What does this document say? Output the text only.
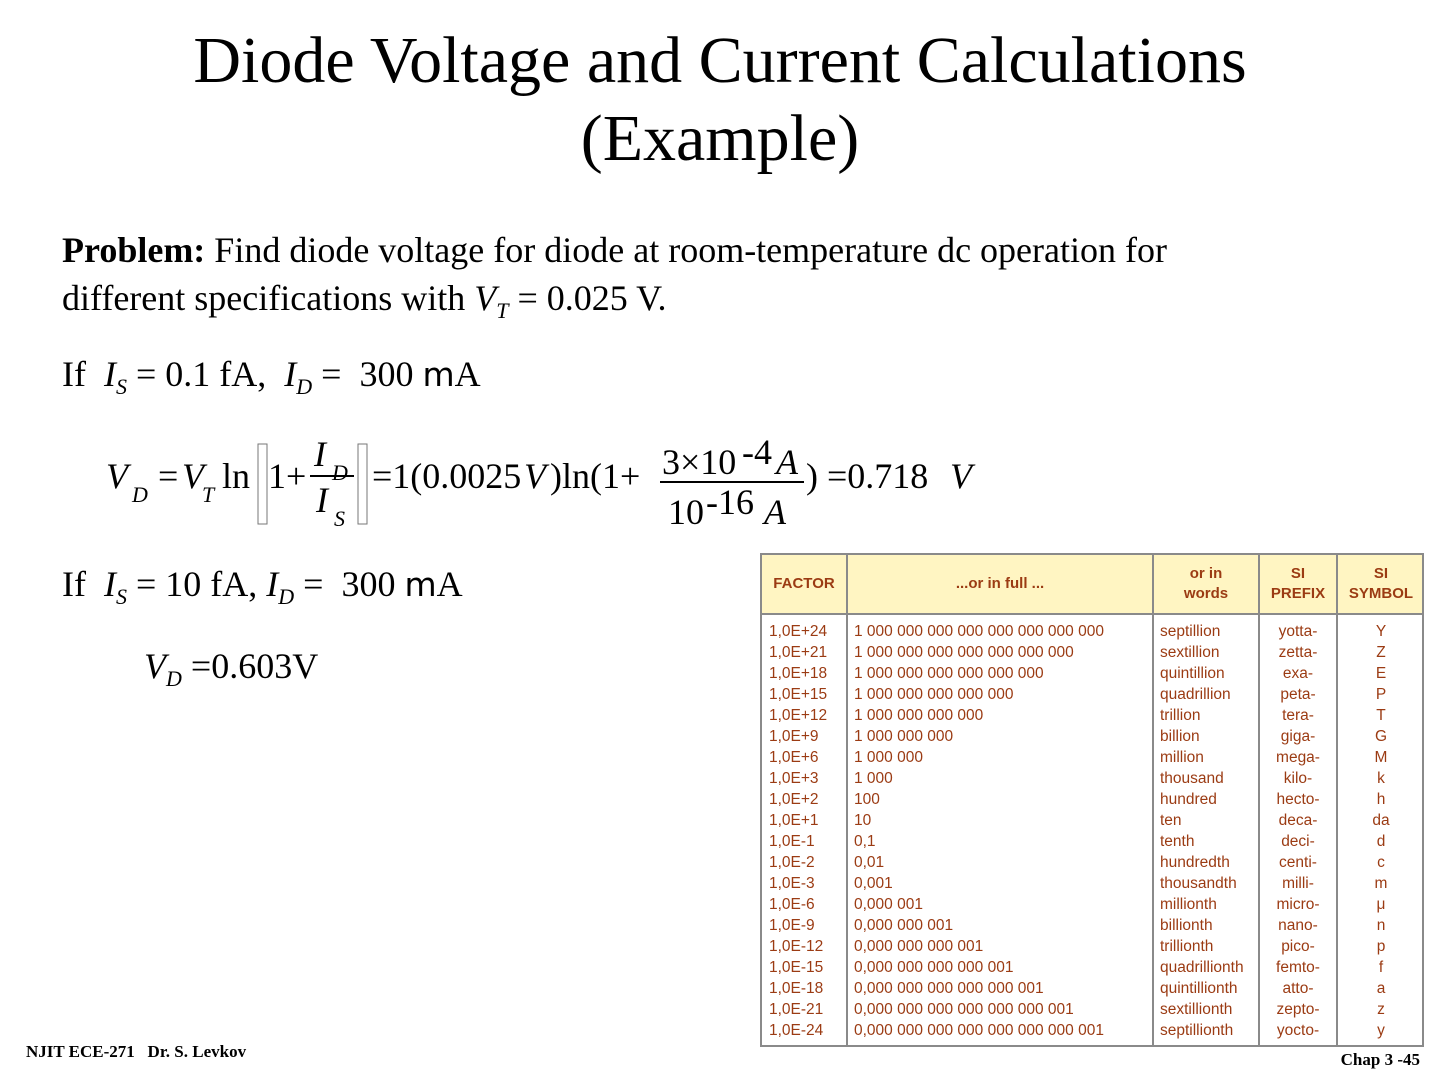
Diode Voltage and Current Calculations
(Example)
Problem: Find diode voltage for diode at room-temperature dc operation for
different specifications with $V_T = 0.025$ V.
If  $I_S = 0.1$ fA,  $I_D = 300$ mA
V D = V
T ln 1+
I D
I S
=1(0.0025 V )ln(1+ 3×10 -4 A
10 -16 A
) =0.718 V
If  $I_S = 10$ fA, $I_D = 300$ mA
$V_D =0.603V$
FACTOR	...or in full ...
or in
words
SI
PREFIX
SI
SYMBOL
1,0E+24
1,0E+21
1,0E+18
1,0E+15
1,0E+12
1,0E+9
1,0E+6
1,0E+3
1,0E+2
1,0E+1
1,0E-1
1,0E-2
1,0E-3
1,0E-6
1,0E-9
1,0E-12
1,0E-15
1,0E-18
1,0E-21
1,0E-24
1 000 000 000 000 000 000 000 000
1 000 000 000 000 000 000 000
1 000 000 000 000 000 000
1 000 000 000 000 000
1 000 000 000 000
1 000 000 000
1 000 000
1 000
100
10
0,1
0,01
0,001
0,000 001
0,000 000 001
0,000 000 000 001
0,000 000 000 000 001
0,000 000 000 000 000 001
0,000 000 000 000 000 000 001
0,000 000 000 000 000 000 000 001
septillion
sextillion
quintillion
quadrillion
trillion
billion
million
thousand
hundred
ten
tenth
hundredth
thousandth
millionth
billionth
trillionth
quadrillionth
quintillionth
sextillionth
septillionth
yotta-
zetta-
exa-
peta-
tera-
giga-
mega-
kilo-
hecto-
deca-
deci-
centi-
milli-
micro-
nano-
pico-
femto-
atto-
zepto-
yocto-
Y
Z
E
P
T
G
M
k
h
da
d
c
m
μ
n
p
f
a
z
y
NJIT ECE-271   Dr. S. Levkov	Chap 3 -45
